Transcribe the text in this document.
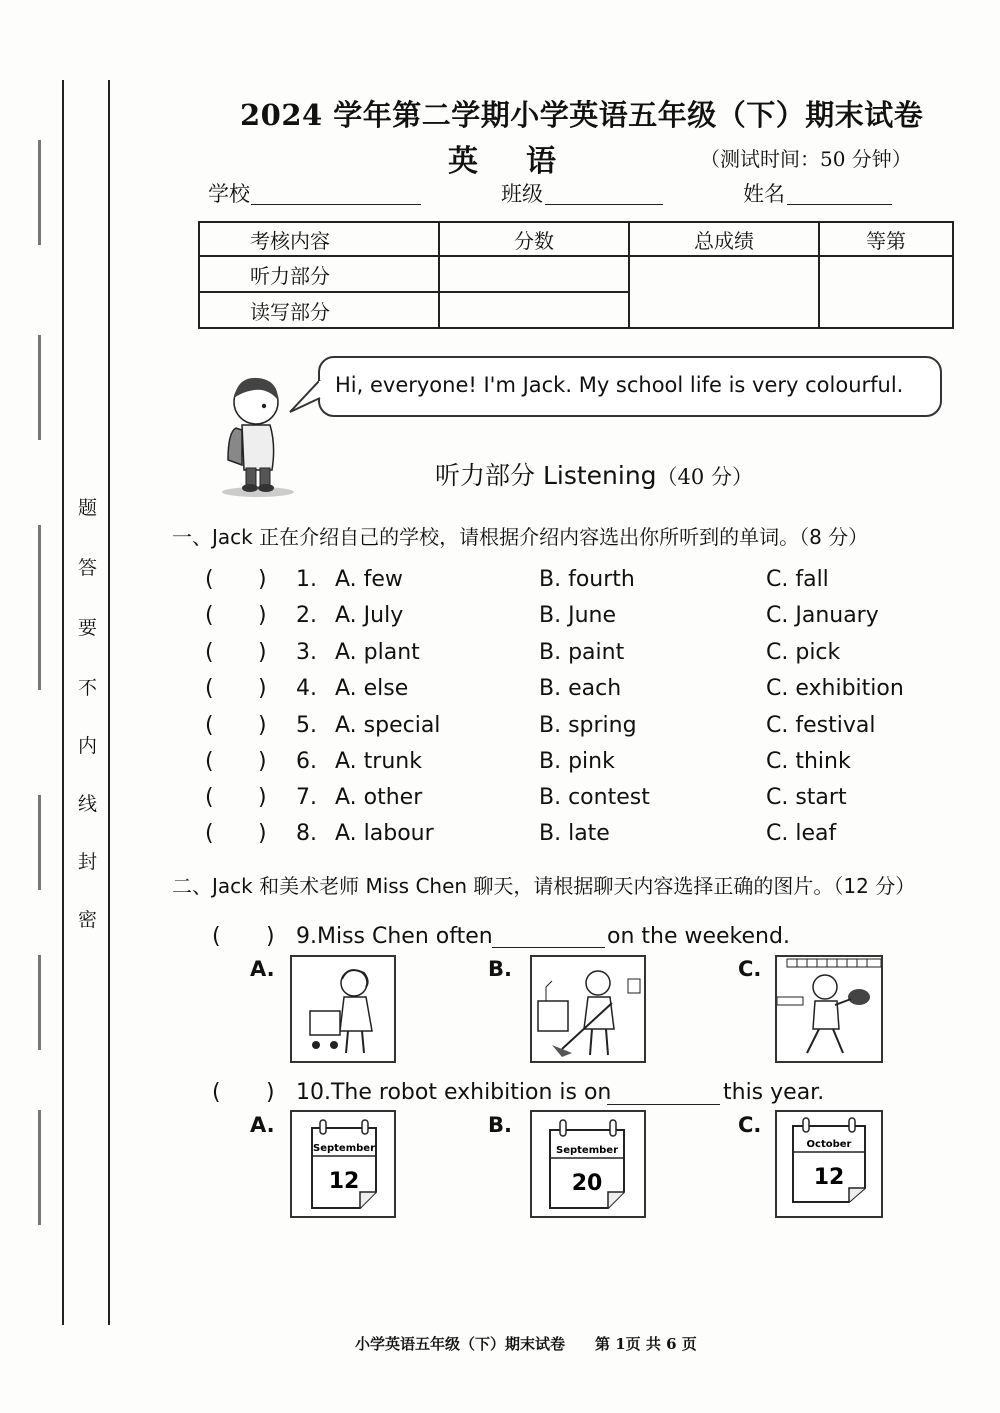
题
答
要
不
内
线
封
密
2024 学年第二学期小学英语五年级（下）期末试卷
英语	（测试时间：50 分钟）
学校	班级	姓名
考核内容	分数	总成绩	等第
听力部分			
读写部分			
Hi, everyone! I'm Jack. My school life is very colourful.
听力部分 Listening（40 分）
一、Jack 正在介绍自己的学校，请根据介绍内容选出你所听到的单词。（8 分）
( ) 1. A. few	B. fourth	C. fall
( ) 2. A. July	B. June	C. January
( ) 3. A. plant	B. paint	C. pick
( ) 4. A. else	B. each	C. exhibition
( ) 5. A. special	B. spring	C. festival
( ) 6. A. trunk	B. pink	C. think
( ) 7. A. other	B. contest	C. start
( ) 8. A. labour	B. late	C. leaf
二、Jack 和美术老师 Miss Chen 聊天，请根据聊天内容选择正确的图片。（12 分）
( ) 9.Miss Chen often	on the weekend.
A.	B.	C.
( ) 10.The robot exhibition is on	this year.
A.	B.	C.
September
12
September
20
October
12
小学英语五年级（下）期末试卷　　第 1页 共 6 页
